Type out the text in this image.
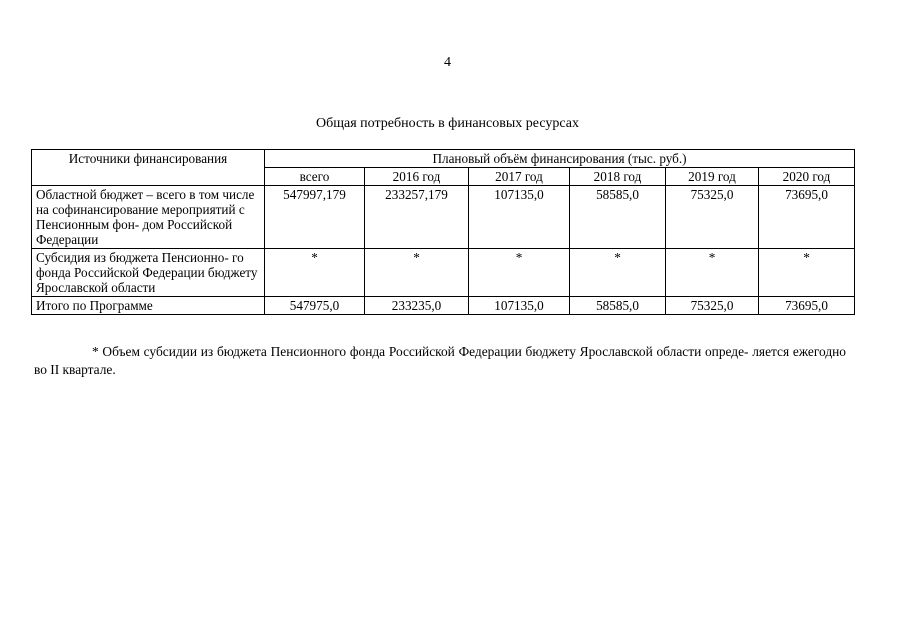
4
Общая потребность в финансовых ресурсах
Источники финансирования	Плановый объём финансирования (тыс. руб.)					
	всего	2016 год	2017 год	2018 год	2019 год	2020 год
Областной бюджет – всего в том числе на софинансирование мероприятий с Пенсионным фон- дом Российской Федерации	547997,179	233257,179	107135,0	58585,0	75325,0	73695,0
Субсидия из бюджета Пенсионно- го фонда Российской Федерации бюджету Ярославской области	*	*	*	*	*	*
Итого по Программе	547975,0	233235,0	107135,0	58585,0	75325,0	73695,0
* Объем субсидии из бюджета Пенсионного фонда Российской Федерации бюджету Ярославской области опреде- ляется ежегодно во II квартале.
